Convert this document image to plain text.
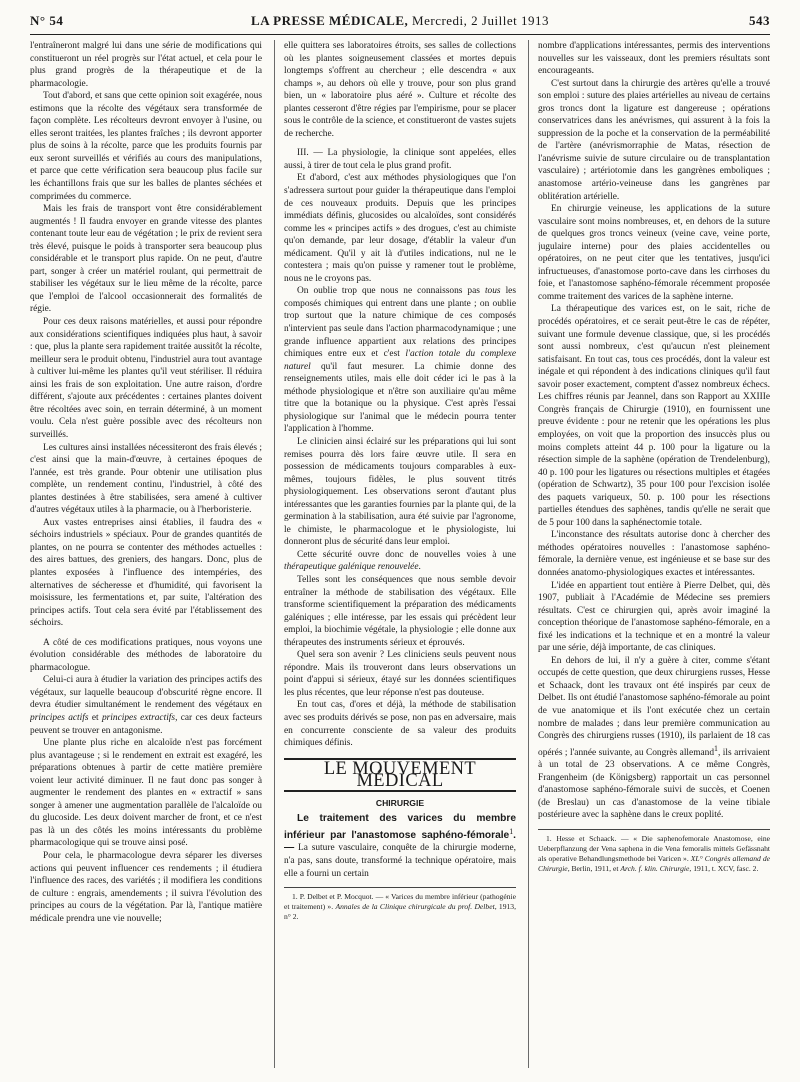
N° 54	LA PRESSE MÉDICALE, Mercredi, 2 Juillet 1913	543

l'entraîneront malgré lui dans une série de modifications qui constitueront un réel progrès sur l'état actuel, et cela pour le plus grand progrès de la thérapeutique et de la pharmacologie.

Tout d'abord, et sans que cette opinion soit exagérée, nous estimons que la récolte des végétaux sera transformée de façon complète. Les récolteurs devront envoyer à l'usine, ou elles seront traitées, les plantes fraîches ; ils devront apporter plus de soins à la récolte, parce que les produits fournis par eux seront surveillés et vérifiés au cours des manipulations, et parce que cette vérification sera beaucoup plus facile sur les échantillons frais que sur les balles de plantes séchées et comprimées du commerce.

Mais les frais de transport vont être considérablement augmentés ! Il faudra envoyer en grande vitesse des plantes contenant toute leur eau de végétation ; le prix de revient sera très élevé, puisque le poids à transporter sera beaucoup plus considérable et le transport plus rapide. On ne peut, d'autre part, songer à créer un matériel roulant, qui permettrait de stabiliser les végétaux sur le lieu même de la récolte, parce que l'emploi de l'alcool occasionnerait des formalités de régie.

Pour ces deux raisons matérielles, et aussi pour répondre aux considérations scientifiques indiquées plus haut, à savoir : que, plus la plante sera rapidement traitée aussitôt la récolte, meilleur sera le produit obtenu, l'industriel aura tout avantage à cultiver lui-même les plantes qu'il veut stériliser. Il réduira ainsi les frais de son exploitation. Une autre raison, d'ordre différent, s'ajoute aux précédentes : certaines plantes doivent être récoltées avec soin, en terrain déterminé, à un moment voulu. Cela n'est guère possible avec des récolteurs non surveillés.

Les cultures ainsi installées nécessiteront des frais élevés ; c'est ainsi que la main-d'œuvre, à certaines époques de l'année, est très grande. Pour obtenir une utilisation plus complète, un rendement continu, l'industriel, à côté des plantes destinées à être stabilisées, sera amené à cultiver d'autres végétaux utiles à la pharmacie, ou à l'herboristerie.

Aux vastes entreprises ainsi établies, il faudra des « séchoirs industriels » spéciaux. Pour de grandes quantités de plantes, on ne pourra se contenter des méthodes actuelles : des aires battues, des greniers, des hangars. Donc, plus de plantes exposées à l'influence des intempéries, des alternatives de sécheresse et d'humidité, qui favorisent la moisissure, les fermentations et, par suite, l'altération des principes actifs. Tout cela sera évité par l'établissement des séchoirs.

A côté de ces modifications pratiques, nous voyons une évolution considérable des méthodes de laboratoire du pharmacologue.

Celui-ci aura à étudier la variation des principes actifs des végétaux, sur laquelle beaucoup d'obscurité règne encore. Il devra étudier simultanément le rendement des végétaux en principes actifs et principes extractifs, car ces deux facteurs peuvent se trouver en antagonisme.

Une plante plus riche en alcaloïde n'est pas forcément plus avantageuse ; si le rendement en extrait est exagéré, les préparations obtenues à partir de cette matière première voient leur activité diminuer. Il ne faut donc pas songer à augmenter le rendement des plantes en « extractif » sans songer à amener une augmentation parallèle de l'alcaloïde ou du glucoside. Les deux doivent marcher de front, et ce n'est pas là un des côtés les moins intéressants du problème pharmacologique qui se trouve ainsi posé.

Pour cela, le pharmacologue devra séparer les diverses actions qui peuvent influencer ces rendements ; il étudiera l'influence des races, des variétés ; il modifiera les conditions de culture : engrais, amendements ; il suivra l'évolution des principes au cours de la végétation. Par là, l'antique matière médicale prendra une vie nouvelle;

elle quittera ses laboratoires étroits, ses salles de collections où les plantes soigneusement classées et mortes depuis longtemps s'offrent au chercheur ; elle descendra « aux champs », au dehors où elle y trouve, pour son plus grand bien, un « laboratoire plus aéré ». Culture et récolte des plantes cesseront d'être régies par l'empirisme, pour se placer sous le contrôle de la science, et constitueront de vastes sujets de recherche.

III. — La physiologie, la clinique sont appelées, elles aussi, à tirer de tout cela le plus grand profit.

Et d'abord, c'est aux méthodes physiologiques que l'on s'adressera surtout pour guider la thérapeutique dans l'emploi de ces nouveaux produits. Depuis que les principes immédiats définis, glucosides ou alcaloïdes, sont considérés comme les « principes actifs » des drogues, c'est au chimiste qu'on demande, par leur dosage, d'établir la valeur d'un médicament. Qu'il y ait là d'utiles indications, nul ne le contestera ; mais qu'on puisse y ramener tout le problème, nous ne le croyons pas.

On oublie trop que nous ne connaissons pas tous les composés chimiques qui entrent dans une plante ; on oublie trop surtout que la nature chimique de ces composés n'intervient pas seule dans l'action pharmacodynamique ; une grande influence appartient aux relations des principes chimiques entre eux et c'est l'action totale du complexe naturel qu'il faut mesurer. La chimie donne des renseignements utiles, mais elle doit céder ici le pas à la méthode physiologique et n'être son auxiliaire qu'au même titre que la botanique ou la physique. C'est après l'essai physiologique sur l'animal que le médecin pourra tenter l'application à l'homme.

Le clinicien ainsi éclairé sur les préparations qui lui sont remises pourra dès lors faire œuvre utile. Il sera en possession de médicaments toujours comparables à eux-mêmes, toujours fidèles, le plus souvent titrés physiologiquement. Les observations seront d'autant plus intéressantes que les garanties fournies par la plante qui, de la germination à la stabilisation, aura été suivie par l'agronome, le chimiste, le pharmacologue et le physiologiste, lui donneront plus de sécurité dans leur emploi.

Cette sécurité ouvre donc de nouvelles voies à une thérapeutique galénique renouvelée.

Telles sont les conséquences que nous semble devoir entraîner la méthode de stabilisation des végétaux. Elle transforme scientifiquement la préparation des médicaments galéniques ; elle intéresse, par les essais qui précèdent leur emploi, la biochimie végétale, la physiologie ; elle donne aux thérapeutes des instruments sérieux et éprouvés.

Quel sera son avenir ? Les cliniciens seuls peuvent nous répondre. Mais ils trouveront dans leurs observations un point d'appui si sérieux, étayé sur les données scientifiques les plus récentes, que leur réponse n'est pas douteuse.

En tout cas, d'ores et déjà, la méthode de stabilisation avec ses produits dérivés se pose, non pas en adversaire, mais en concurrente consciente de sa valeur des produits chimiques définis.

LE MOUVEMENT MÉDICAL
CHIRURGIE

Le traitement des varices du membre inférieur par l'anastomose saphéno-fémorale$^1$. — La suture vasculaire, conquête de la chirurgie moderne, n'a pas, sans doute, transformé la technique opératoire, mais elle a fourni un certain

1. P. Delbet et P. Mocquot. — « Varices du membre inférieur (pathogénie et traitement) ». Annales de la Clinique chirurgicale du prof. Delbet, 1913, n° 2.

nombre d'applications intéressantes, permis des interventions nouvelles sur les vaisseaux, dont les premiers résultats sont encourageants.

C'est surtout dans la chirurgie des artères qu'elle a trouvé son emploi : suture des plaies artérielles au niveau de certains gros troncs dont la ligature est dangereuse ; opérations conservatrices dans les anévrismes, qui assurent à la fois la suppression de la poche et la conservation de la perméabilité de l'artère (anévrismorraphie de Matas, résection de l'anévrisme suivie de suture circulaire ou de transplantation vasculaire) ; artériotomie dans les gangrènes emboliques ; anastomose artério-veineuse dans les gangrènes par oblitération artérielle.

En chirurgie veineuse, les applications de la suture vasculaire sont moins nombreuses, et, en dehors de la suture de quelques gros troncs veineux (veine cave, veine porte, jugulaire interne) pour des plaies accidentelles ou opératoires, on ne peut citer que les tentatives, jusqu'ici infructueuses, d'anastomose porto-cave dans les cirrhoses du foie, et l'anastomose saphéno-fémorale récemment proposée comme traitement des varices de la saphène interne.

La thérapeutique des varices est, on le sait, riche de procédés opératoires, et ce serait peut-être le cas de répéter, suivant une formule devenue classique, que, si les procédés sont aussi nombreux, c'est qu'aucun n'est pleinement satisfaisant. En tout cas, tous ces procédés, dont la valeur est inégale et qui répondent à des indications cliniques qu'il faut savoir poser exactement, comptent d'assez nombreux échecs. Les chiffres réunis par Jeannel, dans son Rapport au XXIIIe Congrès français de Chirurgie (1910), en fournissent une preuve évidente : pour ne retenir que les opérations les plus employées, on voit que la proportion des insuccès plus ou moins complets atteint 44 p. 100 pour la ligature ou la résection simple de la saphène (opération de Trendelenburg), 40 p. 100 pour les ligatures ou résections multiples et étagées (opération de Schwartz), 35 pour 100 pour l'excision isolée des paquets variqueux, 50. p. 100 pour les résections partielles étendues des saphènes, tandis qu'elle ne serait que de 5 pour 100 dans la saphénectomie totale.

L'inconstance des résultats autorise donc à chercher des méthodes opératoires nouvelles : l'anastomose saphéno-fémorale, la dernière venue, est ingénieuse et se base sur des données anatomo-physiologiques exactes et intéressantes.

L'idée en appartient tout entière à Pierre Delbet, qui, dès 1907, publiait à l'Académie de Médecine ses premiers résultats. C'est ce chirurgien qui, après avoir imaginé la conception théorique de l'anastomose saphéno-fémorale, en a fixé les indications et la technique et en a montré la valeur par une série, déjà importante, de cas cliniques.

En dehors de lui, il n'y a guère à citer, comme s'étant occupés de cette question, que deux chirurgiens russes, Hesse et Schaack, dont les travaux ont été inspirés par ceux de Delbet. Ils ont étudié l'anastomose saphéno-fémorale au point de vue anatomique et ils l'ont exécutée chez un certain nombre de malades ; dans leur première communication au Congrès des chirurgiens russes (1910), ils parlaient de 18 cas opérés ; l'année suivante, au Congrès allemand$^1$, ils arrivaient à un total de 23 observations. A ce même Congrès, Frangenheim (de Königsberg) rapportait un cas personnel d'anastomose saphéno-fémorale suivi de succès, et Coenen (de Breslau) un cas d'anastomose de la veine tibiale postérieure avec la saphène dans le creux poplité.

1. Hesse et Schaack. — « Die saphenofemorale Anastomose, eine Ueberpflanzung der Vena saphena in die Vena femoralis mittels Gefässnaht als operative Behandlungsmethode bei Varicen ». XL° Congrès allemand de Chirurgie, Berlin, 1911, et Arch. f. klin. Chirurgie, 1911, t. XCV, fasc. 2.
